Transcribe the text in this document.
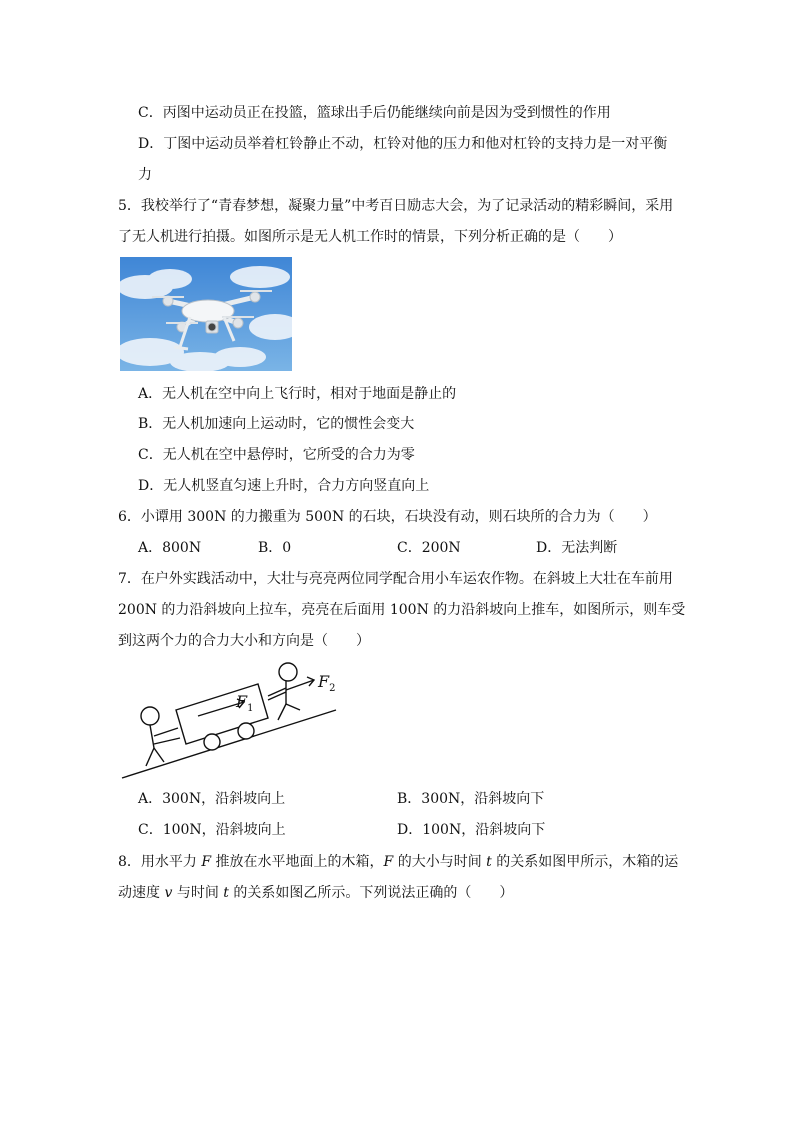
C．丙图中运动员正在投篮，篮球出手后仍能继续向前是因为受到惯性的作用
D．丁图中运动员举着杠铃静止不动，杠铃对他的压力和他对杠铃的支持力是一对平衡
力
5．我校举行了“青春梦想，凝聚力量”中考百日励志大会，为了记录活动的精彩瞬间，采用
了无人机进行拍摄。如图所示是无人机工作时的情景，下列分析正确的是（　　）
A．无人机在空中向上飞行时，相对于地面是静止的
B．无人机加速向上运动时，它的惯性会变大
C．无人机在空中悬停时，它所受的合力为零
D．无人机竖直匀速上升时，合力方向竖直向上
6．小谭用 300N 的力搬重为 500N 的石块，石块没有动，则石块所的合力为（　　）
A．800N	B．0	C．200N	D．无法判断
7．在户外实践活动中，大壮与亮亮两位同学配合用小车运农作物。在斜坡上大壮在车前用
200N 的力沿斜坡向上拉车，亮亮在后面用 100N 的力沿斜坡向上推车，如图所示，则车受
到这两个力的合力大小和方向是（　　）
$F_1$
$F_2$
A．300N，沿斜坡向上	B．300N，沿斜坡向下
C．100N，沿斜坡向上	D．100N，沿斜坡向下
8．用水平力 F 推放在水平地面上的木箱，F 的大小与时间 t 的关系如图甲所示，木箱的运
动速度 v 与时间 t 的关系如图乙所示。下列说法正确的（　　）
